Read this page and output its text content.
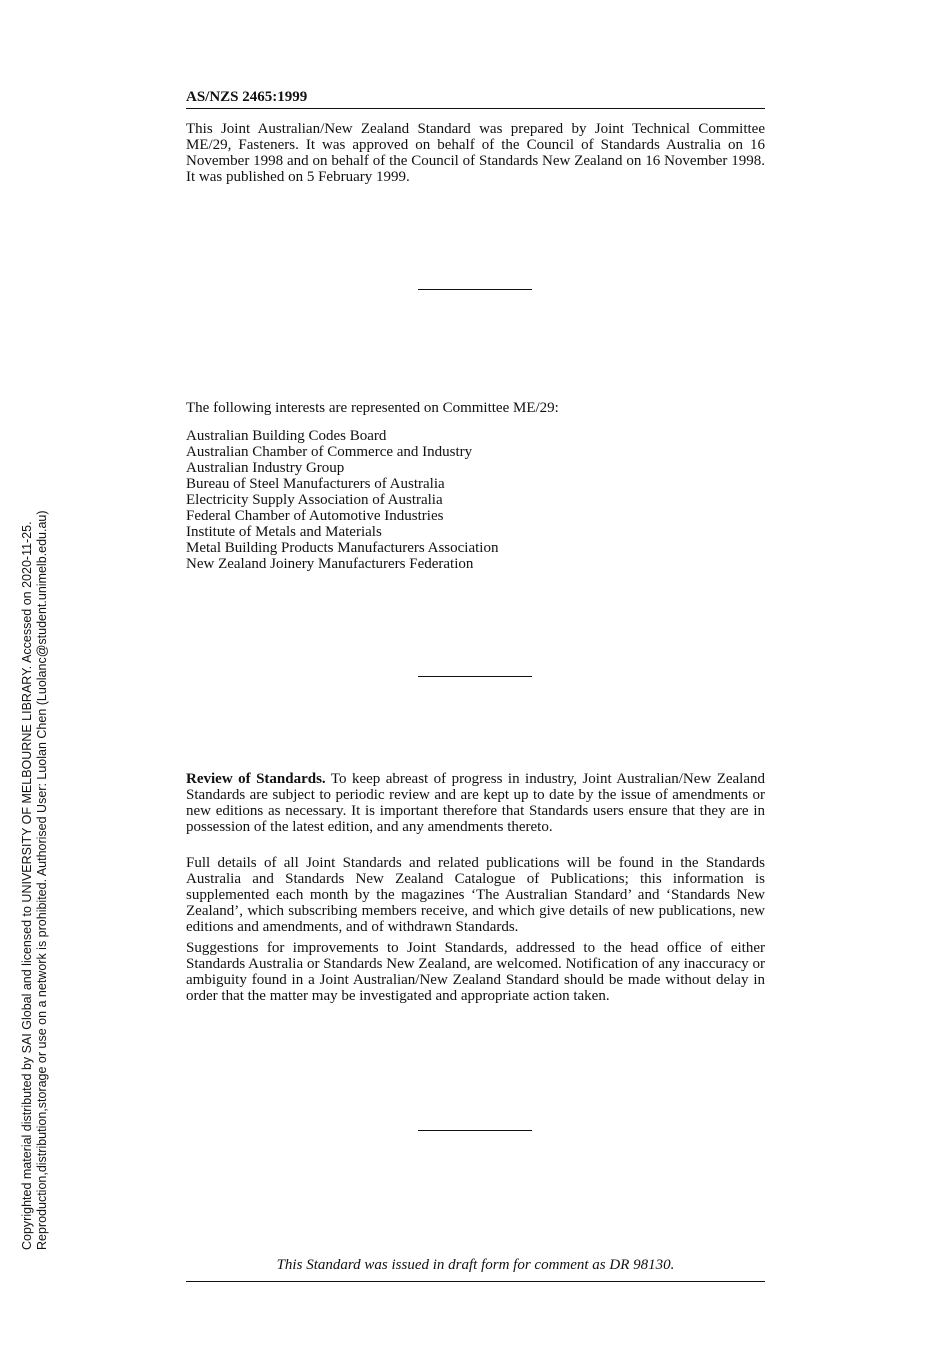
AS/NZS 2465:1999

This Joint Australian/New Zealand Standard was prepared by Joint Technical Committee ME/29, Fasteners. It was approved on behalf of the Council of Standards Australia on 16 November 1998 and on behalf of the Council of Standards New Zealand on 16 November 1998. It was published on 5 February 1999.

The following interests are represented on Committee ME/29:

Australian Building Codes Board
Australian Chamber of Commerce and Industry
Australian Industry Group
Bureau of Steel Manufacturers of Australia
Electricity Supply Association of Australia
Federal Chamber of Automotive Industries
Institute of Metals and Materials
Metal Building Products Manufacturers Association
New Zealand Joinery Manufacturers Federation

Review of Standards. To keep abreast of progress in industry, Joint Australian/New Zealand Standards are subject to periodic review and are kept up to date by the issue of amendments or new editions as necessary. It is important therefore that Standards users ensure that they are in possession of the latest edition, and any amendments thereto.

Full details of all Joint Standards and related publications will be found in the Standards Australia and Standards New Zealand Catalogue of Publications; this information is supplemented each month by the magazines ‘The Australian Standard’ and ‘Standards New Zealand’, which subscribing members receive, and which give details of new publications, new editions and amendments, and of withdrawn Standards.

Suggestions for improvements to Joint Standards, addressed to the head office of either Standards Australia or Standards New Zealand, are welcomed. Notification of any inaccuracy or ambiguity found in a Joint Australian/New Zealand Standard should be made without delay in order that the matter may be investigated and appropriate action taken.

This Standard was issued in draft form for comment as DR 98130.
Copyrighted material distributed by SAI Global and licensed to UNIVERSITY OF MELBOURNE LIBRARY. Accessed on 2020-11-25. Reproduction,distribution,storage or use on a network is prohibited. Authorised User: Luolan Chen (Luolanc@student.unimelb.edu.au)
